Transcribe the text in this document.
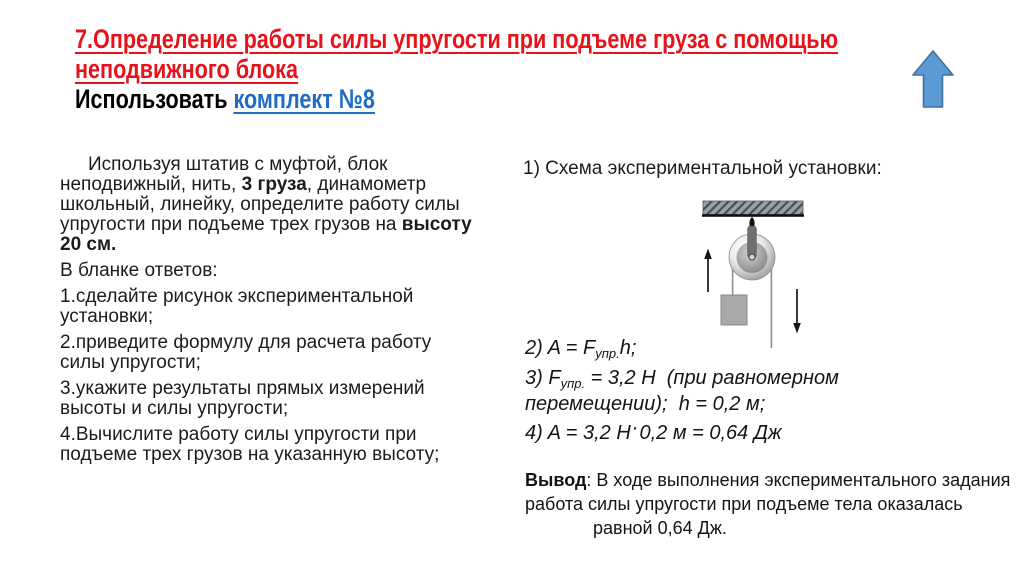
7.Определение работы силы упругости при подъеме груза с помощью
неподвижного блока
Использовать комплект №8
Используя штатив с муфтой, блок
неподвижный, нить, 3 груза, динамометр
школьный, линейку, определите работу силы
упругости при подъеме трех грузов на высоту
20 см.
В бланке ответов:
1.сделайте рисунок экспериментальной
установки;
2.приведите формулу для расчета работу
силы упругости;
3.укажите результаты прямых измерений
высоты и силы упругости;
4.Вычислите работу силы упругости при
подъеме трех грузов на указанную высоту;
1) Схема экспериментальной установки:
2) $A = F_{упр.}h$;
3) $F_{упр.} = 3,2$ Н  (при равномерном
перемещении);  h = 0,2 м;
4) A = 3,2 Н·0,2 м = 0,64 Дж
Вывод: В ходе выполнения экспериментального задания
работа силы упругости при подъеме тела оказалась
равной 0,64 Дж.
